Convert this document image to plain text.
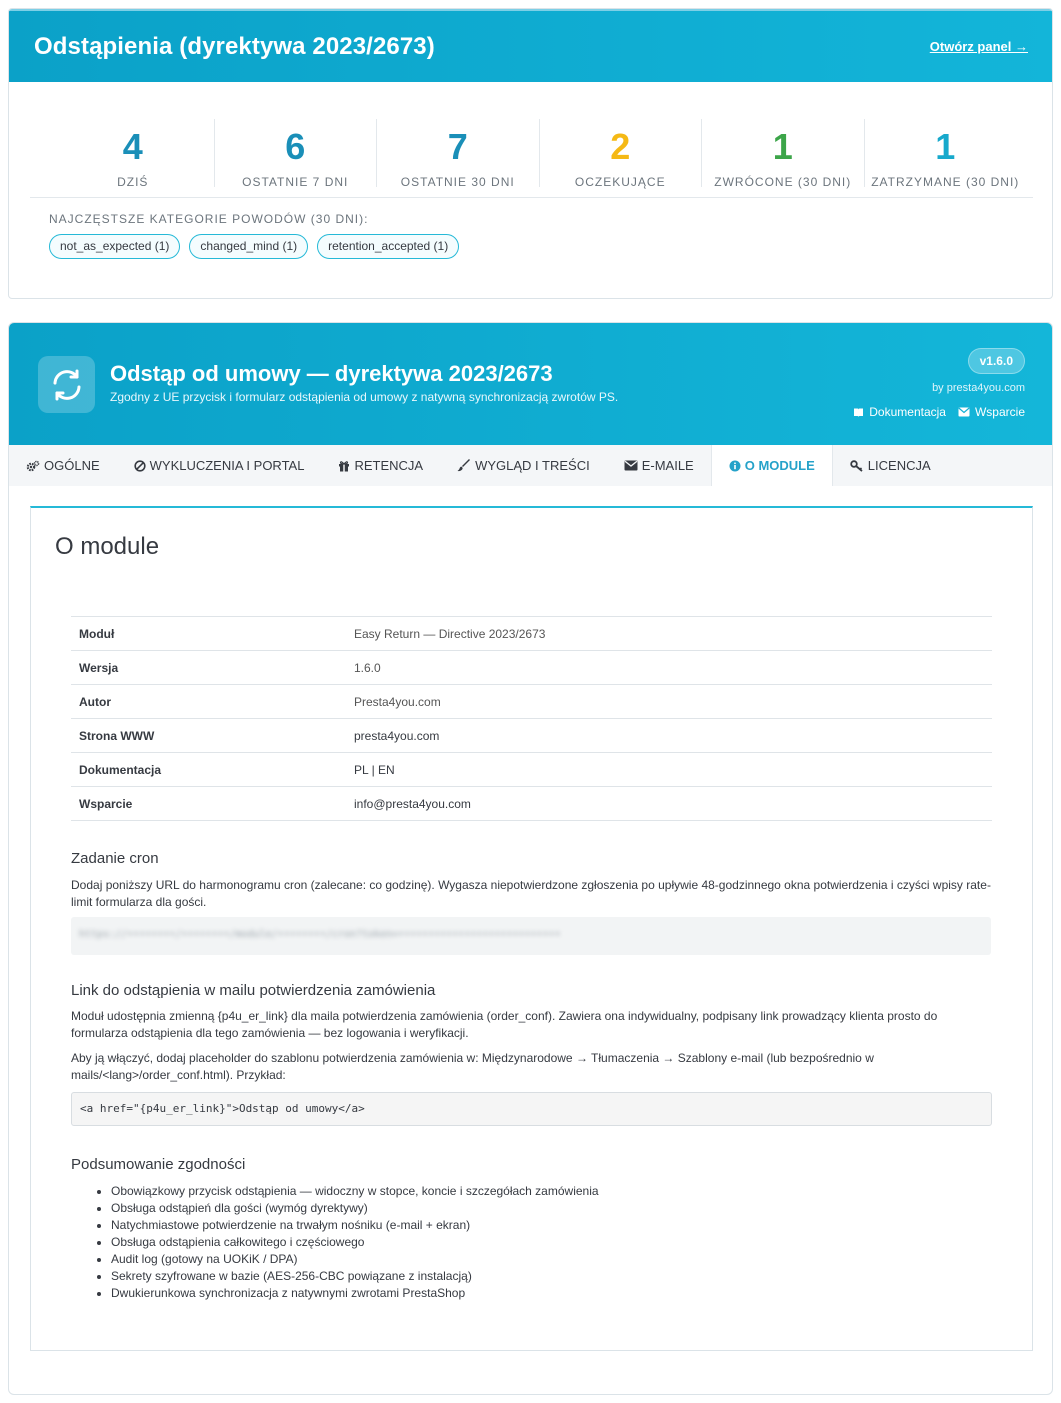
Odstąpienia (dyrektywa 2023/2673)	Otwórz panel →
4
DZIŚ
6
OSTATNIE 7 DNI
7
OSTATNIE 30 DNI
2
OCZEKUJĄCE
1
ZWRÓCONE (30 DNI)
1
ZATRZYMANE (30 DNI)
NAJCZĘSTSZE KATEGORIE POWODÓW (30 DNI):
not_as_expected (1)	changed_mind (1)	retention_accepted (1)
Odstąp od umowy — dyrektywa 2023/2673
Zgodny z UE przycisk i formularz odstąpienia od umowy z natywną synchronizacją zwrotów PS.
v1.6.0
by presta4you.com
Dokumentacja Wsparcie
OGÓLNE	WYKLUCZENIA I PORTAL	RETENCJA	WYGLĄD I TREŚCI	E-MAILE	O MODULE	LICENCJA
O module
Moduł	Easy Return — Directive 2023/2673
Wersja	1.6.0
Autor	Presta4you.com
Strona WWW	presta4you.com
Dokumentacja	PL | EN
Wsparcie	info@presta4you.com
Zadanie cron
Dodaj poniższy URL do harmonogramu cron (zalecane: co godzinę). Wygasza niepotwierdzone zgłoszenia po upływie 48-godzinnego okna potwierdzenia i czyści wpisy rate-limit formularza dla gości.
https://••••••••/••••••••/module/••••••••/cron?token=•••••••••••••••••••••••••••
Link do odstąpienia w mailu potwierdzenia zamówienia
Moduł udostępnia zmienną {p4u_er_link} dla maila potwierdzenia zamówienia (order_conf). Zawiera ona indywidualny, podpisany link prowadzący klienta prosto do formularza odstąpienia dla tego zamówienia — bez logowania i weryfikacji.
Aby ją włączyć, dodaj placeholder do szablonu potwierdzenia zamówienia w: Międzynarodowe → Tłumaczenia → Szablony e-mail (lub bezpośrednio w mails/<lang>/order_conf.html). Przykład:
<a href="{p4u_er_link}">Odstąp od umowy</a>
Podsumowanie zgodności
• Obowiązkowy przycisk odstąpienia — widoczny w stopce, koncie i szczegółach zamówienia
• Obsługa odstąpień dla gości (wymóg dyrektywy)
• Natychmiastowe potwierdzenie na trwałym nośniku (e-mail + ekran)
• Obsługa odstąpienia całkowitego i częściowego
• Audit log (gotowy na UOKiK / DPA)
• Sekrety szyfrowane w bazie (AES-256-CBC powiązane z instalacją)
• Dwukierunkowa synchronizacja z natywnymi zwrotami PrestaShop
